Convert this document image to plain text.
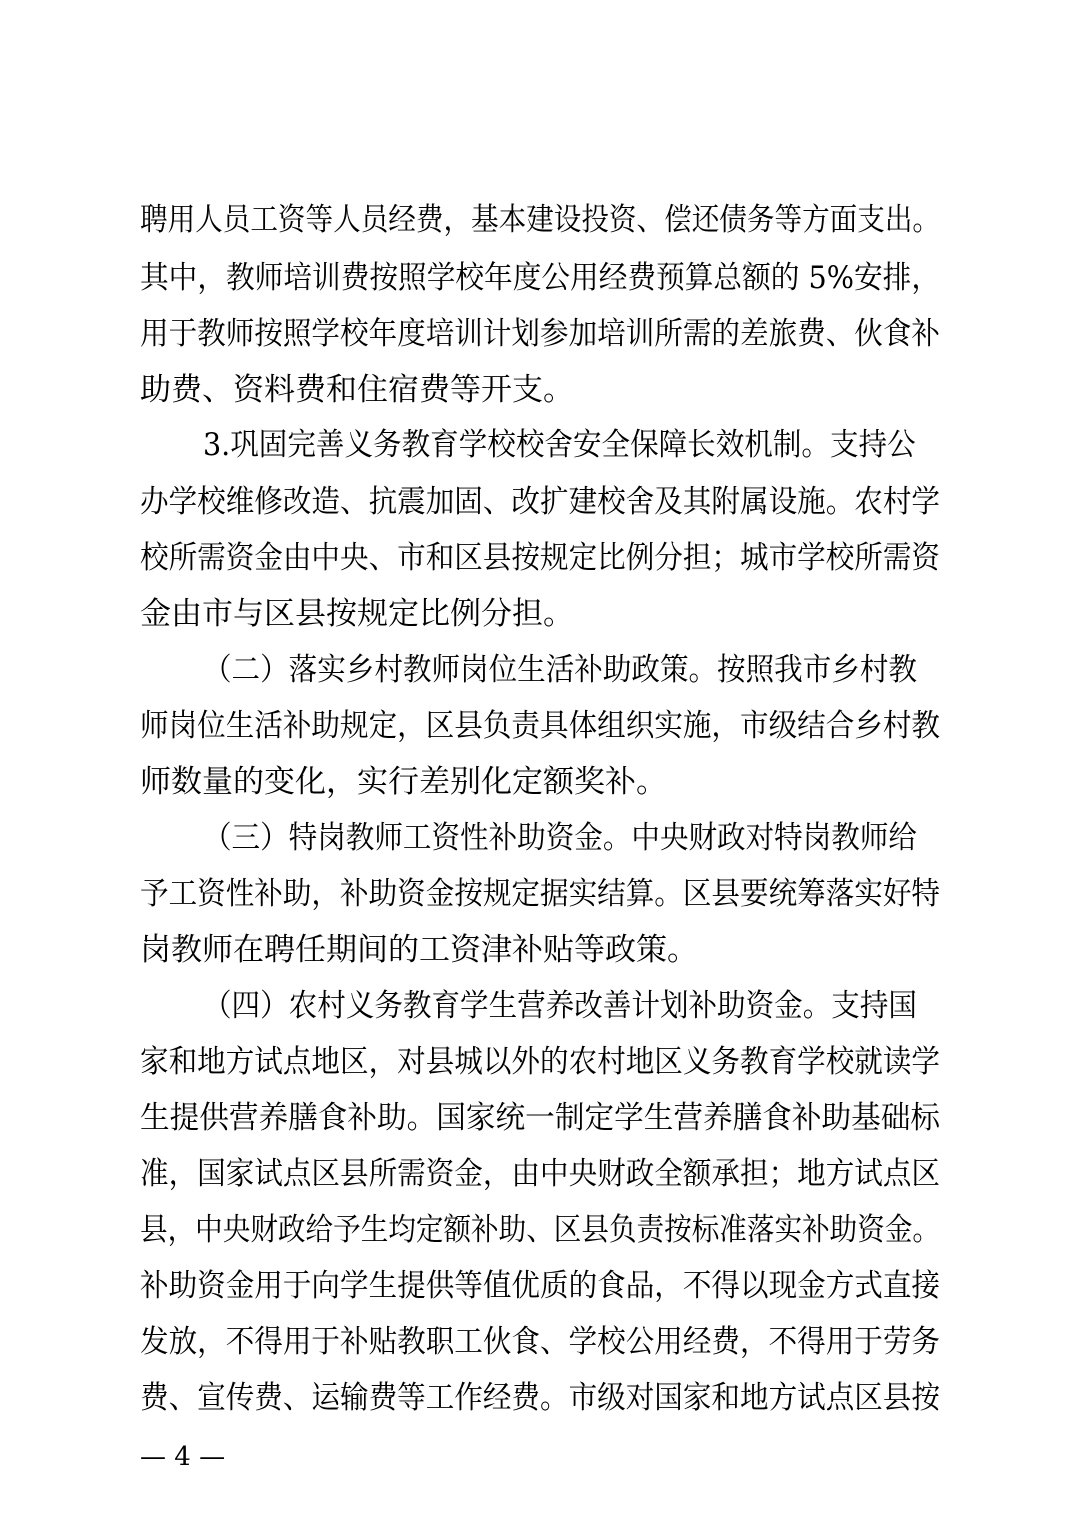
聘用人员工资等人员经费，基本建设投资、偿还债务等方面支出。
其中，教师培训费按照学校年度公用经费预算总额的 5%安排，
用于教师按照学校年度培训计划参加培训所需的差旅费、伙食补
助费、资料费和住宿费等开支。
3.巩固完善义务教育学校校舍安全保障长效机制。支持公
办学校维修改造、抗震加固、改扩建校舍及其附属设施。农村学
校所需资金由中央、市和区县按规定比例分担；城市学校所需资
金由市与区县按规定比例分担。
（二）落实乡村教师岗位生活补助政策。按照我市乡村教
师岗位生活补助规定，区县负责具体组织实施，市级结合乡村教
师数量的变化，实行差别化定额奖补。
（三）特岗教师工资性补助资金。中央财政对特岗教师给
予工资性补助，补助资金按规定据实结算。区县要统筹落实好特
岗教师在聘任期间的工资津补贴等政策。
（四）农村义务教育学生营养改善计划补助资金。支持国
家和地方试点地区，对县城以外的农村地区义务教育学校就读学
生提供营养膳食补助。国家统一制定学生营养膳食补助基础标
准，国家试点区县所需资金，由中央财政全额承担；地方试点区
县，中央财政给予生均定额补助、区县负责按标准落实补助资金。
补助资金用于向学生提供等值优质的食品，不得以现金方式直接
发放，不得用于补贴教职工伙食、学校公用经费，不得用于劳务
费、宣传费、运输费等工作经费。市级对国家和地方试点区县按
— 4 —
